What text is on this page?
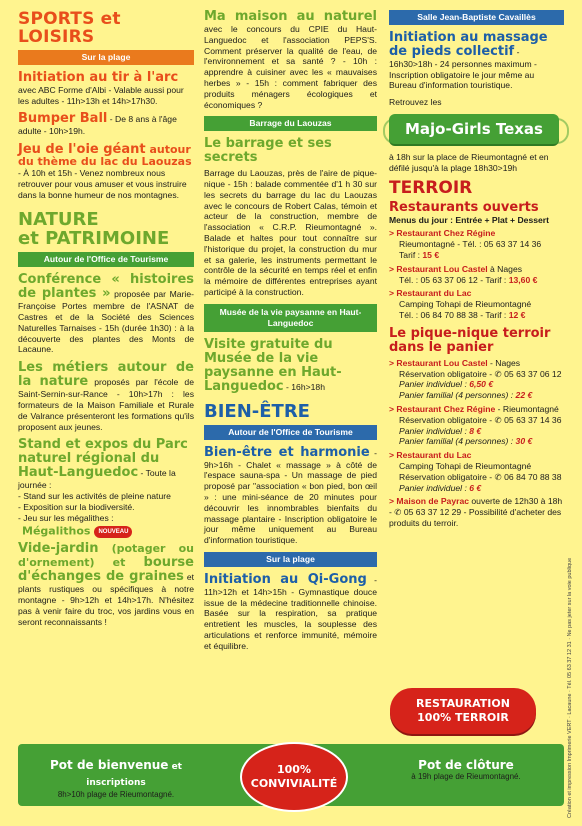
SPORTS et LOISIRS
Sur la plage

Initiation au tir à l'arc avec ABC Forme d'Albi - Valable aussi pour les adultes - 11h>13h et 14h>17h30.

Bumper Ball - De 8 ans à l'âge adulte - 10h>19h.

Jeu de l'oie géant autour du thème du lac du Laouzas - À 10h et 15h - Venez nombreux nous retrouver pour vous amuser et vous instruire dans la bonne humeur de nos montagnes.

NATURE
et PATRIMOINE
Autour de l'Office de Tourisme

Conférence « histoires de plantes » proposée par Marie-Françoise Portes membre de l'ASNAT de Castres et de la Société des Sciences Naturelles Tarnaises - 15h (durée 1h30) : à la découverte des plantes des Monts de Lacaune.

Les métiers autour de la nature proposés par l'école de Saint-Sernin-sur-Rance - 10h>17h : les formateurs de la Maison Familiale et Rurale de Valrance présenteront les formations qu'ils proposent aux jeunes.

Stand et expos du Parc naturel régional du Haut-Languedoc - Toute la journée :
- Stand sur les activités de pleine nature
- Exposition sur la biodiversité.
- Jeu sur les mégalithes :
Mégalithos NOUVEAU

Vide-jardin (potager ou d'ornement) et bourse d'échanges de graines et plants rustiques ou spécifiques à notre montagne - 9h>12h et 14h>17h. N'hésitez pas à venir faire du troc, vos jardins vous en seront reconnaissants !

Ma maison au naturel avec le concours du CPIE du Haut-Languedoc et l'association PEPS'S. Comment préserver la qualité de l'eau, de l'environnement et sa santé ? - 10h : apprendre à cuisiner avec les « mauvaises herbes » - 15h : comment fabriquer des produits ménagers écologiques et économiques ?

Barrage du Laouzas
Le barrage et ses secrets

Barrage du Laouzas, près de l'aire de pique-nique - 15h : balade commentée d'1 h 30 sur les secrets du barrage du lac du Laouzas avec le concours de Robert Calas, témoin et acteur de la construction, membre de l'association « C.R.P. Rieumontagné ». Balade et haltes pour tout connaître sur l'historique du projet, la construction du mur et sa galerie, les instruments permettant le contrôle de la sécurité en temps réel et enfin la mémoire de différentes entreprises ayant participé à la construction.

Musée de la vie paysanne en Haut-Languedoc

Visite gratuite du Musée de la vie paysanne en Haut-Languedoc - 16h>18h

BIEN-ÊTRE
Autour de l'Office de Tourisme

Bien-être et harmonie - 9h>16h - Chalet « massage » à côté de l'espace sauna-spa - Un massage de pied proposé par "association « bon pied, bon œil » : une mini-séance de 20 minutes pour découvrir les innombrables bienfaits du massage plantaire - Inscription obligatoire le jour même uniquement au Bureau d'information touristique.

Sur la plage

Initiation au Qi-Gong - 11h>12h et 14h>15h - Gymnastique douce issue de la médecine traditionnelle chinoise. Basée sur la respiration, sa pratique entretient les muscles, la souplesse des articulations et renforce immunité, mémoire et équilibre.

Salle Jean-Baptiste Cavaillès

Initiation au massage de pieds collectif - 16h30>18h - 24 personnes maximum - Inscription obligatoire le jour même au Bureau d'information touristique.

Retrouvez les
Majo-Girls Texas

à 18h sur la place de Rieumontagné et en défilé jusqu'à la plage 18h30>19h

TERROIR
Restaurants ouverts
Menus du jour : Entrée + Plat + Dessert
> Restaurant Chez Régine
Rieumontagné - Tél. : 05 63 37 14 36
Tarif : 15 €
> Restaurant Lou Castel à Nages
Tél. : 05 63 37 06 12 - Tarif : 13,60 €
> Restaurant du Lac
Camping Tohapi de Rieumontagné
Tél. : 06 84 70 88 38 - Tarif : 12 €
Le pique-nique terroir dans le panier
> Restaurant Lou Castel - Nages
Réservation obligatoire - ✆ 05 63 37 06 12
Panier individuel : 6,50 €
Panier familial (4 personnes) : 22 €
> Restaurant Chez Régine - Rieumontagné
Réservation obligatoire - ✆ 05 63 37 14 36
Panier individuel : 8 €
Panier familial (4 personnes) : 30 €
> Restaurant du Lac
Camping Tohapi de Rieumontagné
Réservation obligatoire - ✆ 06 84 70 88 38
Panier individuel : 6 €
> Maison de Payrac ouverte de 12h30 à 18h - ✆ 05 63 37 12 29 - Possibilité d'acheter des produits du terroir.
RESTAURATION
100% TERROIR	Création et impression Imprimerie VERT · Lacaune · Tél. 05 63 37 12 31 · Ne pas jeter sur la voie publique
Pot de bienvenue et inscriptions
8h>10h plage de Rieumontagné.
100%
CONVIVIALITÉ
Pot de clôture
à 19h plage de Rieumontagné.
